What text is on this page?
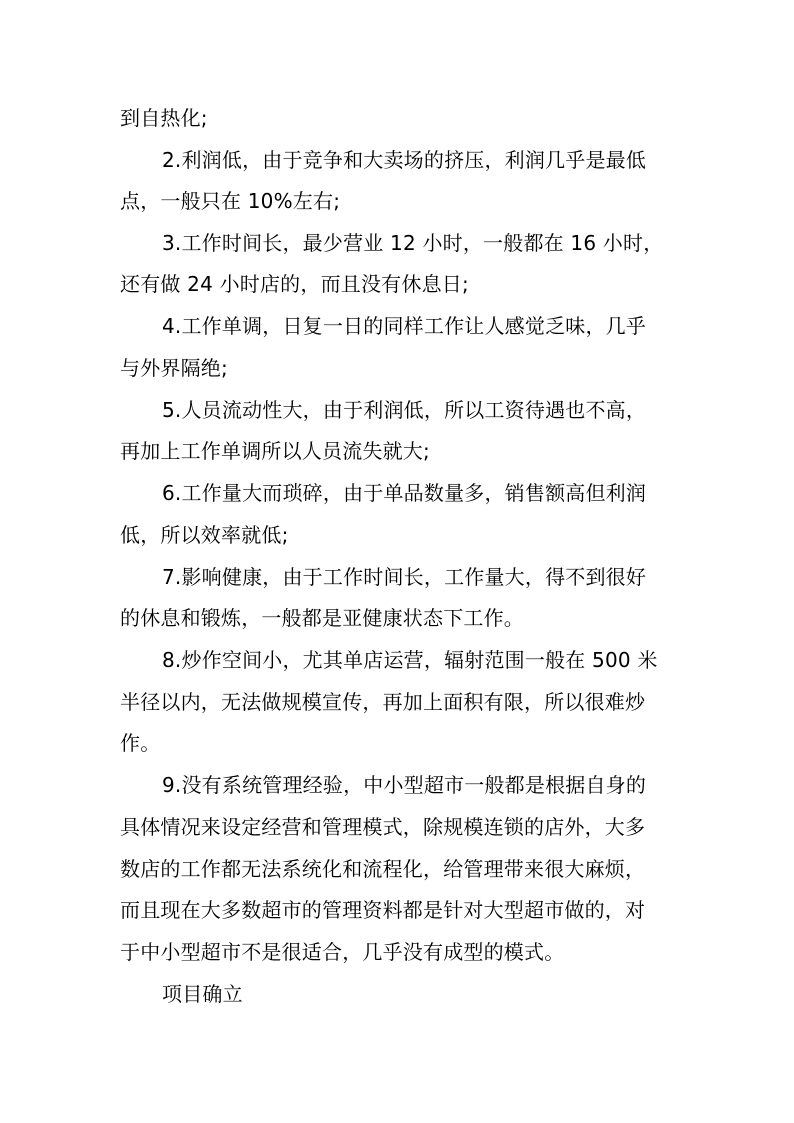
到自热化;
2.利润低，由于竞争和大卖场的挤压，利润几乎是最低
点，一般只在 10%左右;
3.工作时间长，最少营业 12 小时，一般都在 16 小时，
还有做 24 小时店的，而且没有休息日;
4.工作单调，日复一日的同样工作让人感觉乏味，几乎
与外界隔绝;
5.人员流动性大，由于利润低，所以工资待遇也不高，
再加上工作单调所以人员流失就大;
6.工作量大而琐碎，由于单品数量多，销售额高但利润
低，所以效率就低;
7.影响健康，由于工作时间长，工作量大，得不到很好
的休息和锻炼，一般都是亚健康状态下工作。
8.炒作空间小，尤其单店运营，辐射范围一般在 500 米
半径以内，无法做规模宣传，再加上面积有限，所以很难炒
作。
9.没有系统管理经验，中小型超市一般都是根据自身的
具体情况来设定经营和管理模式，除规模连锁的店外，大多
数店的工作都无法系统化和流程化，给管理带来很大麻烦，
而且现在大多数超市的管理资料都是针对大型超市做的，对
于中小型超市不是很适合，几乎没有成型的模式。
项目确立
